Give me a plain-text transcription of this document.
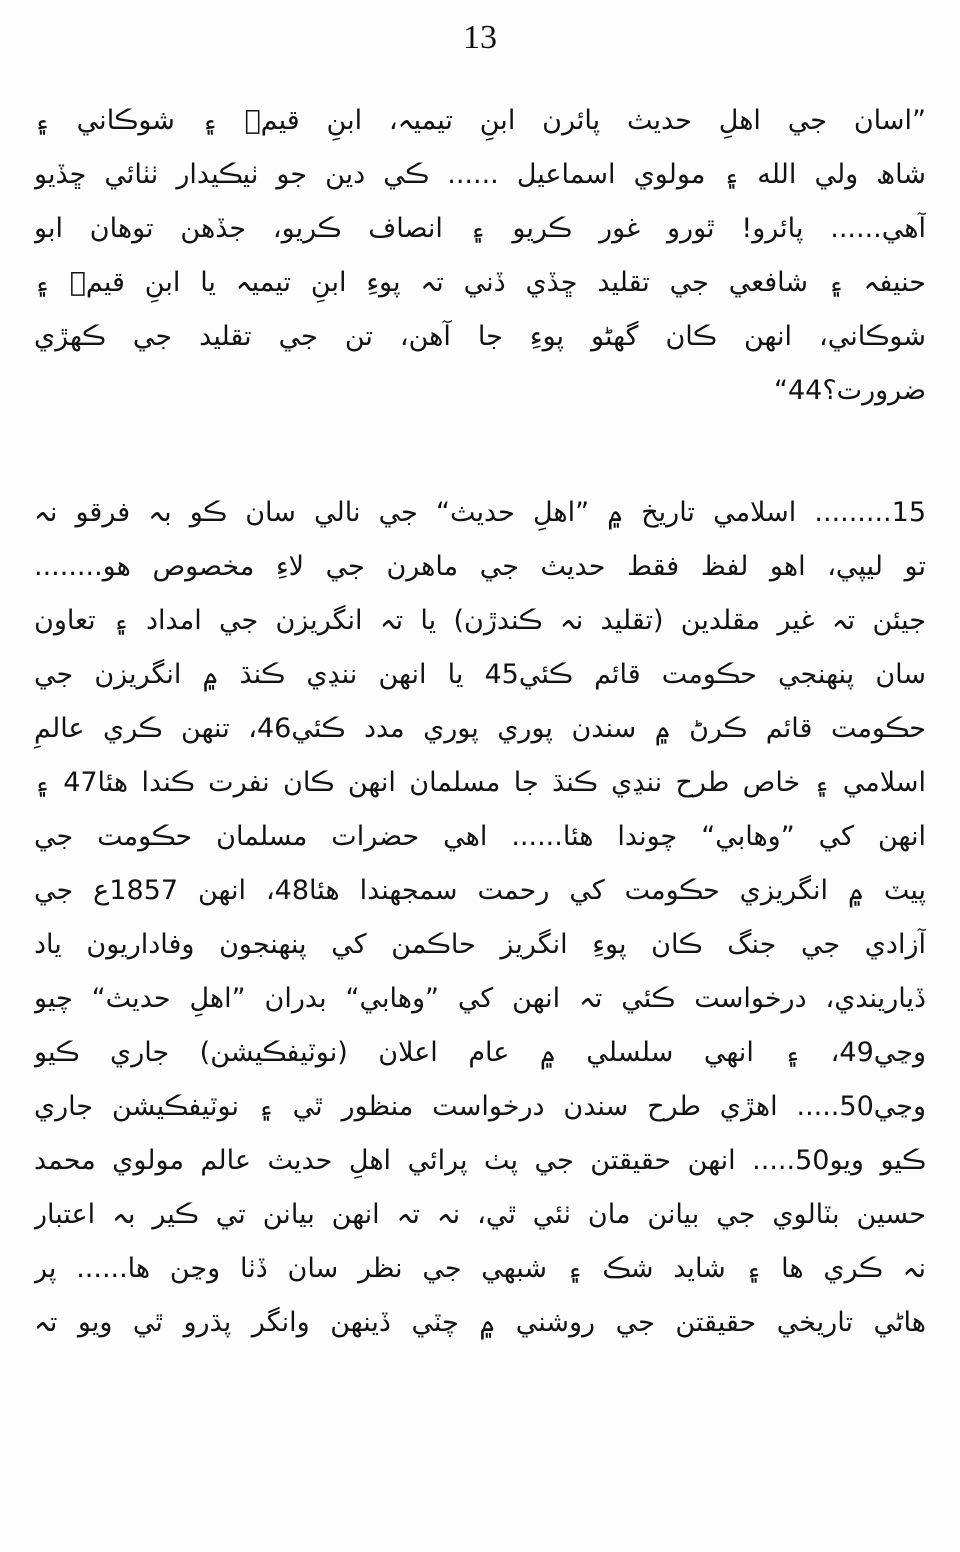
13
”اسان جي اهلِ حديث پائرن ابنِ تيميہ، ابنِ قيمؒ ۽ شوڪاني ۽
شاھ ولي الله ۽ مولوي اسماعيل ...... ڪي دين جو ٺيڪيدار ٺٺائي ڇڏيو
آهي...... پائرو! ٿورو غور ڪريو ۽ انصاف ڪريو، جڏهن توهان ابو
حنيفہ ۽ شافعي جي تقليد ڇڏي ڏني تہ پوءِ ابنِ تيميہ يا ابنِ قيمؒ ۽
شوڪاني، انهن ڪان گهڻو پوءِ جا آهن، تن جي تقليد جي ڪهڙي
ضرورت؟44“
15......... اسلامي تاريخ ۾ ”اهلِ حديث“ جي نالي سان ڪو بہ فرقو نہ
تو ليپي، اهو لفظ فقط حديث جي ماهرن جي لاءِ مخصوص هو........
جيئن تہ غير مقلدين (تقليد نہ ڪندڙن) يا تہ انگريزن جي امداد ۽ تعاون
سان پنهنجي حڪومت قائم ڪئي45 يا انهن ننڍي ڪنڌ ۾ انگريزن جي
حڪومت قائم ڪرڻ ۾ سندن پوري پوري مدد ڪئي46، تنهن ڪري عالمِ
اسلامي ۽ خاص طرح ننڍي ڪنڌ جا مسلمان انهن ڪان نفرت ڪندا هئا47 ۽
انهن کي ”وهابي“ چوندا هئا...... اهي حضرات مسلمان حڪومت جي
پيٽ ۾ انگريزي حڪومت کي رحمت سمجهندا هئا48، انهن 1857ع جي
آزادي جي جنگ ڪان پوءِ انگريز حاڪمن کي پنهنجون وفاداريون ياد
ڏياريندي، درخواست ڪئي تہ انهن کي ”وهابي“ بدران ”اهلِ حديث“ چيو
وڃي49، ۽ انهي سلسلي ۾ عام اعلان (نوٽيفڪيشن) جاري ڪيو
وڃي50..... اهڙي طرح سندن درخواست منظور ٿي ۽ نوٽيفڪيشن جاري
ڪيو ويو50..... انهن حقيقتن جي پٺ پرائي اهلِ حديث عالم مولوي محمد
حسين بٽالوي جي بيانن مان ٺئي ٿي، نہ تہ انهن بيانن تي ڪير بہ اعتبار
نہ ڪري ها ۽ شايد شڪ ۽ شبهي جي نظر سان ڏٺا وڃن ها...... پر
هاڻي تاريخي حقيقتن جي روشني ۾ چٽي ڏينهن وانگر پڌرو ٿي ويو تہ
